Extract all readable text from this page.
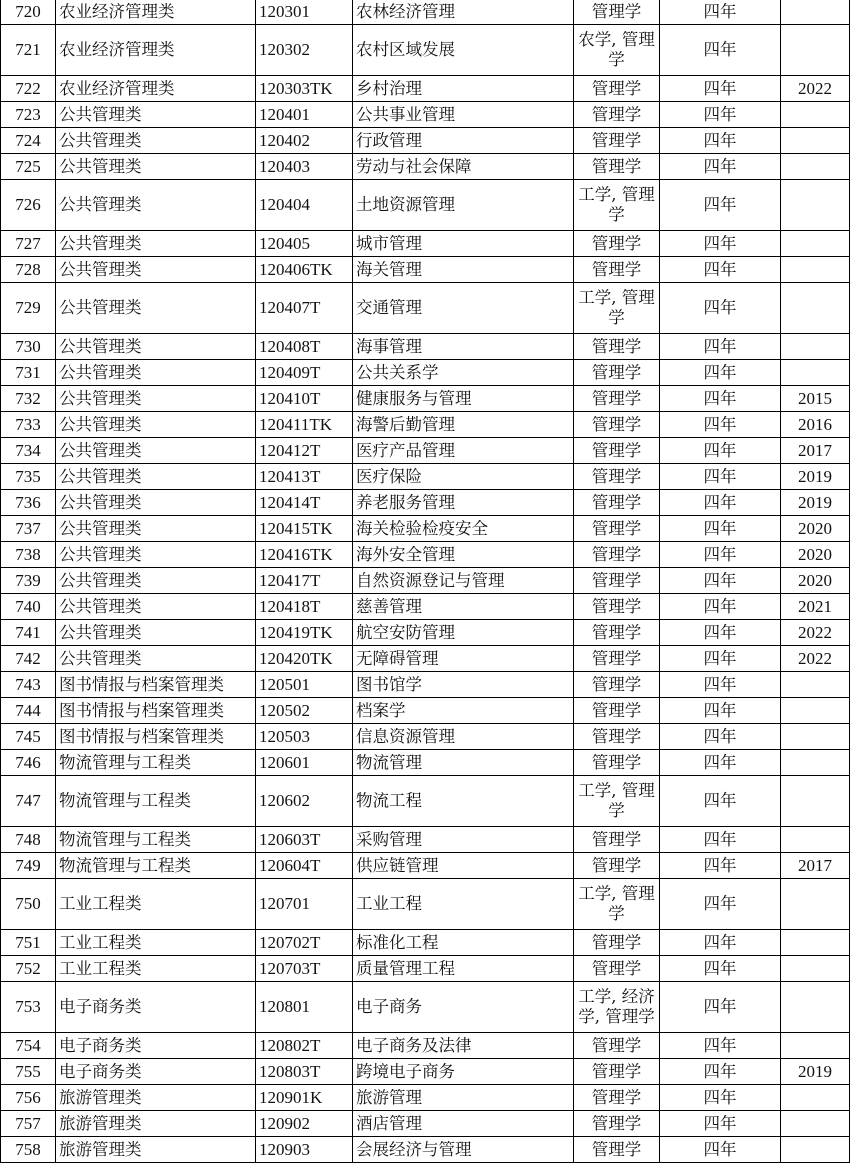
720	农业经济管理类	120301	农林经济管理	管理学	四年	
721	农业经济管理类	120302	农村区域发展	农学, 管理学	四年	
722	农业经济管理类	120303TK	乡村治理	管理学	四年	2022
723	公共管理类	120401	公共事业管理	管理学	四年	
724	公共管理类	120402	行政管理	管理学	四年	
725	公共管理类	120403	劳动与社会保障	管理学	四年	
726	公共管理类	120404	土地资源管理	工学, 管理学	四年	
727	公共管理类	120405	城市管理	管理学	四年	
728	公共管理类	120406TK	海关管理	管理学	四年	
729	公共管理类	120407T	交通管理	工学, 管理学	四年	
730	公共管理类	120408T	海事管理	管理学	四年	
731	公共管理类	120409T	公共关系学	管理学	四年	
732	公共管理类	120410T	健康服务与管理	管理学	四年	2015
733	公共管理类	120411TK	海警后勤管理	管理学	四年	2016
734	公共管理类	120412T	医疗产品管理	管理学	四年	2017
735	公共管理类	120413T	医疗保险	管理学	四年	2019
736	公共管理类	120414T	养老服务管理	管理学	四年	2019
737	公共管理类	120415TK	海关检验检疫安全	管理学	四年	2020
738	公共管理类	120416TK	海外安全管理	管理学	四年	2020
739	公共管理类	120417T	自然资源登记与管理	管理学	四年	2020
740	公共管理类	120418T	慈善管理	管理学	四年	2021
741	公共管理类	120419TK	航空安防管理	管理学	四年	2022
742	公共管理类	120420TK	无障碍管理	管理学	四年	2022
743	图书情报与档案管理类	120501	图书馆学	管理学	四年	
744	图书情报与档案管理类	120502	档案学	管理学	四年	
745	图书情报与档案管理类	120503	信息资源管理	管理学	四年	
746	物流管理与工程类	120601	物流管理	管理学	四年	
747	物流管理与工程类	120602	物流工程	工学, 管理学	四年	
748	物流管理与工程类	120603T	采购管理	管理学	四年	
749	物流管理与工程类	120604T	供应链管理	管理学	四年	2017
750	工业工程类	120701	工业工程	工学, 管理学	四年	
751	工业工程类	120702T	标准化工程	管理学	四年	
752	工业工程类	120703T	质量管理工程	管理学	四年	
753	电子商务类	120801	电子商务	工学, 经济学, 管理学	四年	
754	电子商务类	120802T	电子商务及法律	管理学	四年	
755	电子商务类	120803T	跨境电子商务	管理学	四年	2019
756	旅游管理类	120901K	旅游管理	管理学	四年	
757	旅游管理类	120902	酒店管理	管理学	四年	
758	旅游管理类	120903	会展经济与管理	管理学	四年	
